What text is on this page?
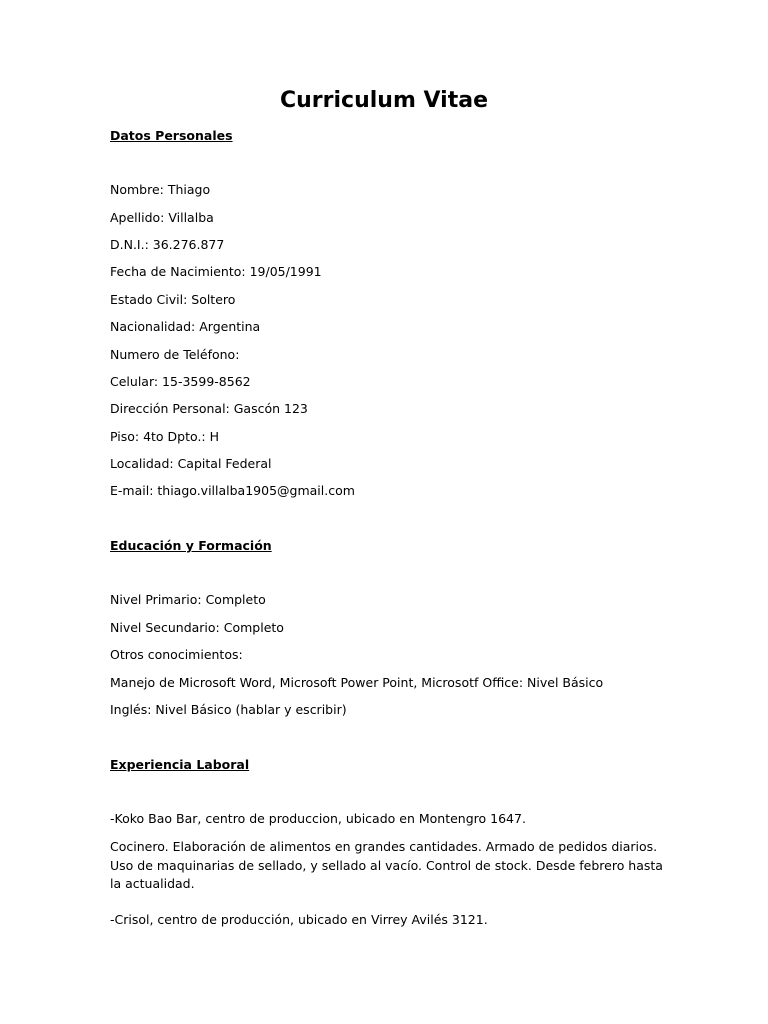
Curriculum Vitae
Datos Personales
Nombre: Thiago
Apellido: Villalba
D.N.I.: 36.276.877
Fecha de Nacimiento: 19/05/1991
Estado Civil: Soltero
Nacionalidad: Argentina
Numero de Teléfono:
Celular: 15-3599-8562
Dirección Personal: Gascón 123
Piso: 4to Dpto.: H
Localidad: Capital Federal
E-mail: thiago.villalba1905@gmail.com
Educación y Formación
Nivel Primario: Completo
Nivel Secundario: Completo
Otros conocimientos:
Manejo de Microsoft Word, Microsoft Power Point, Microsotf Office: Nivel Básico
Inglés: Nivel Básico (hablar y escribir)
Experiencia Laboral
-Koko Bao Bar, centro de produccion, ubicado en Montengro 1647.
Cocinero. Elaboración de alimentos en grandes cantidades. Armado de pedidos diarios. Uso de maquinarias de sellado, y sellado al vacío. Control de stock. Desde febrero hasta la actualidad.
-Crisol, centro de producción, ubicado en Virrey Avilés 3121.
